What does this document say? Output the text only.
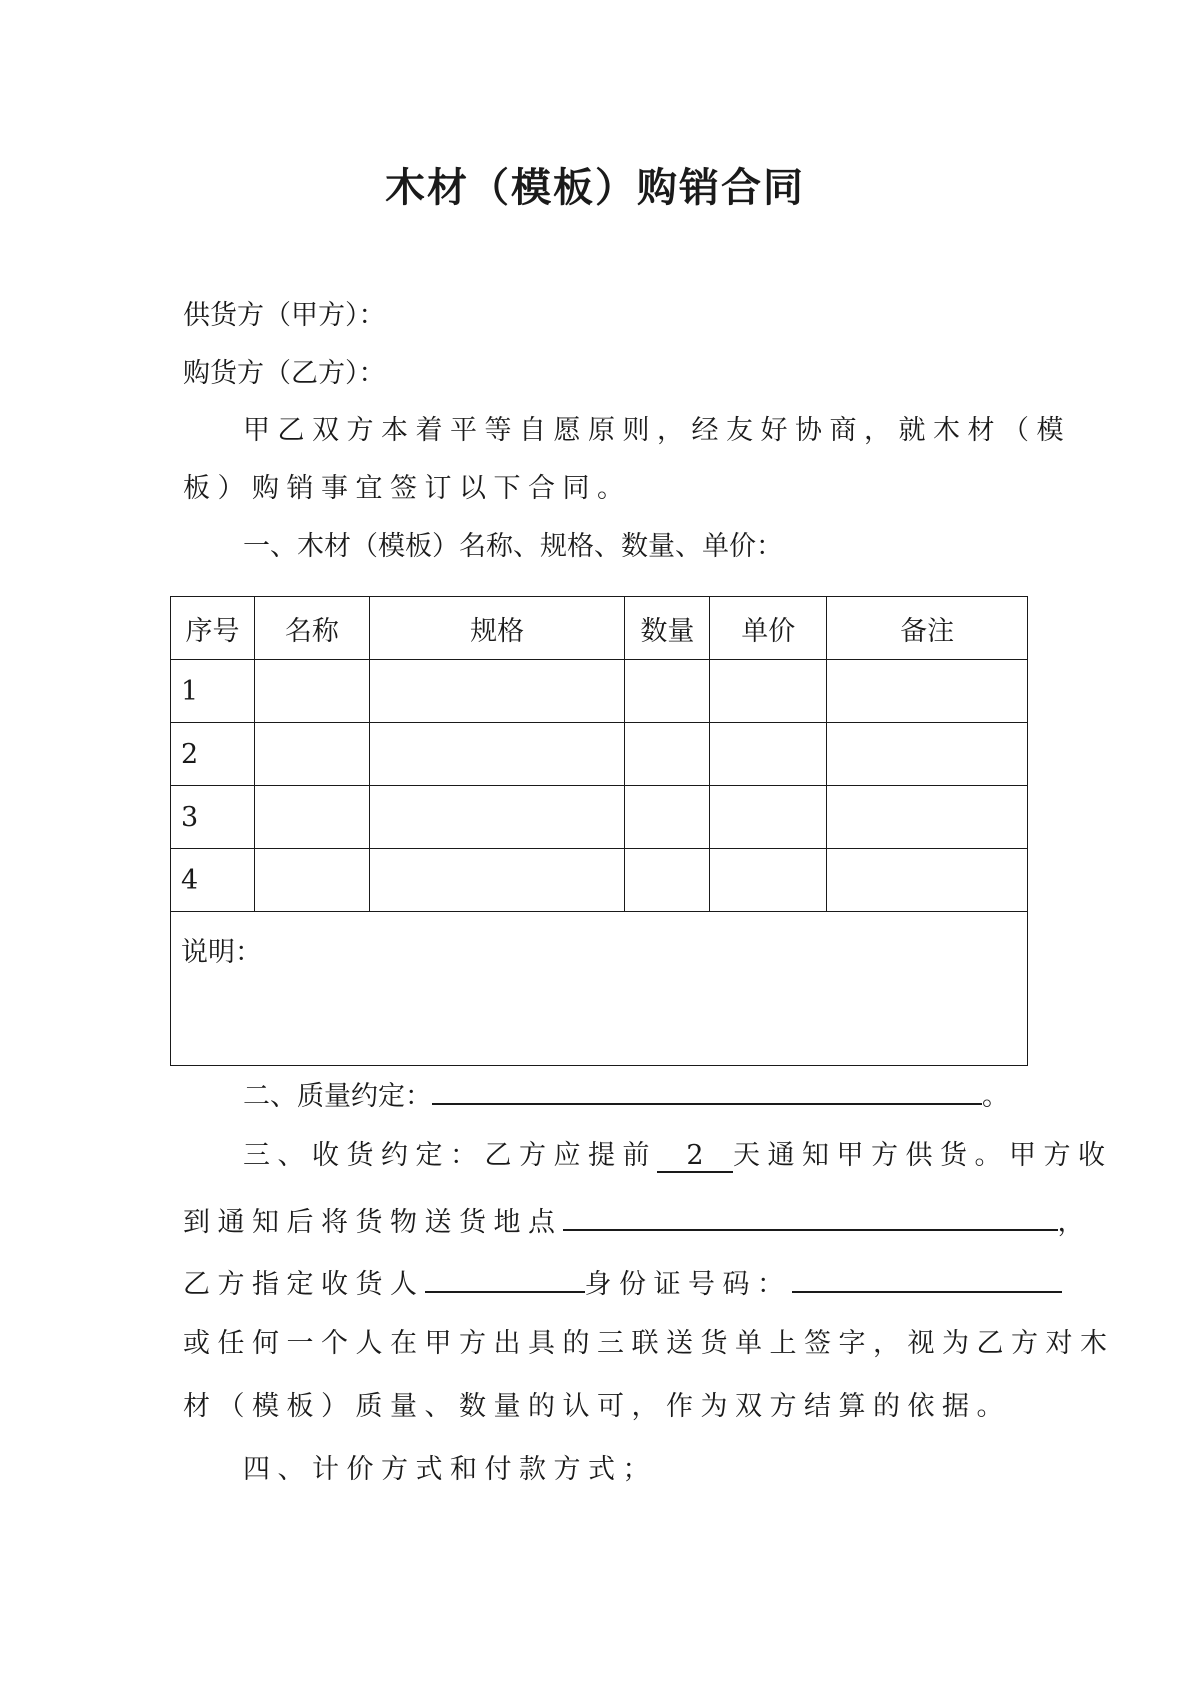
木材（模板）购销合同
供货方（甲方）：
购货方（乙方）：
甲乙双方本着平等自愿原则，经友好协商，就木材（模
板）购销事宜签订以下合同。
一、木材（模板）名称、规格、数量、单价：
序号	名称	规格	数量	单价	备注
1					
2					
3					
4					
说明：					
二、质量约定：	。
三、收货约定：乙方应提前 2 天通知甲方供货。甲方收
到通知后将货物送货地点	，
乙方指定收货人	身份证号码：
或任何一个人在甲方出具的三联送货单上签字，视为乙方对木
材（模板）质量、数量的认可，作为双方结算的依据。
四、计价方式和付款方式；
